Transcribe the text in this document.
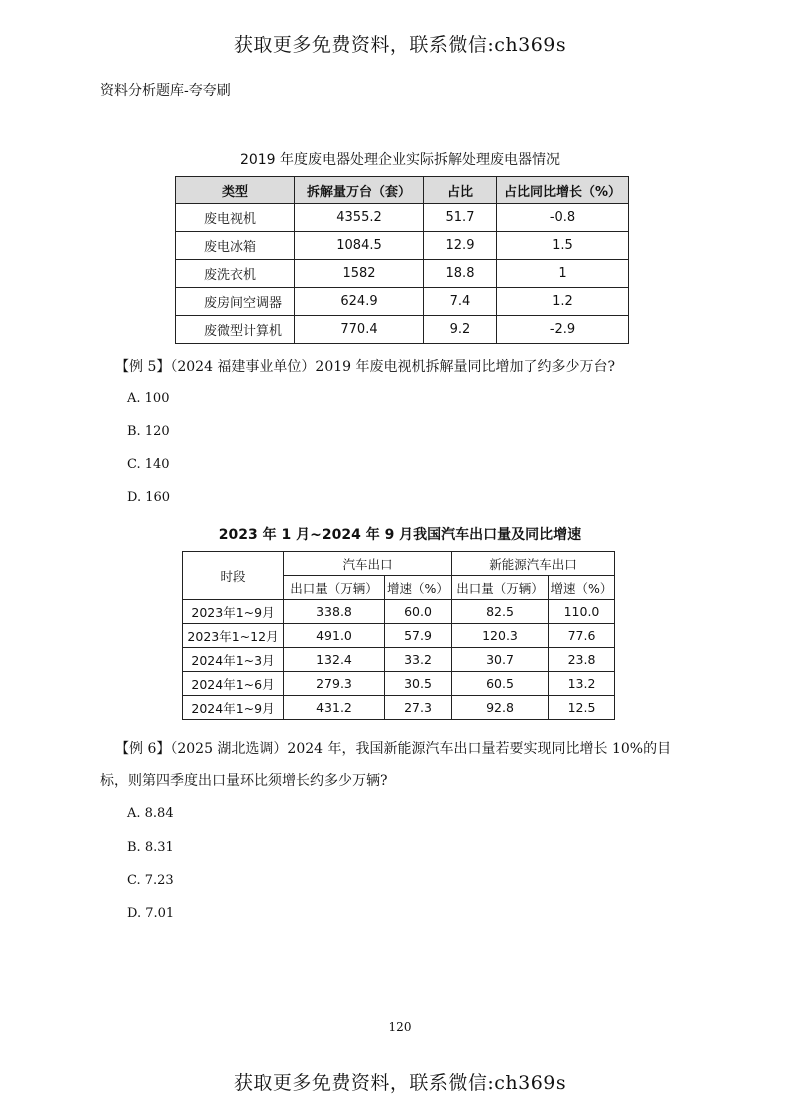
获取更多免费资料，联系微信:ch369s
资料分析题库-夸夸刷
2019 年度废电器处理企业实际拆解处理废电器情况
类型	拆解量万台（套）	占比	占比同比增长（%）
废电视机	4355.2	51.7	-0.8
废电冰箱	1084.5	12.9	1.5
废洗衣机	1582	18.8	1
废房间空调器	624.9	7.4	1.2
废微型计算机	770.4	9.2	-2.9
【例 5】（2024 福建事业单位）2019 年废电视机拆解量同比增加了约多少万台?
A. 100
B. 120
C. 140
D. 160
2023 年 1 月~2024 年 9 月我国汽车出口量及同比增速
时段	汽车出口		新能源汽车出口	
	出口量（万辆）	增速（%）	出口量（万辆）	增速（%）
2023年1~9月	338.8	60.0	82.5	110.0
2023年1~12月	491.0	57.9	120.3	77.6
2024年1~3月	132.4	33.2	30.7	23.8
2024年1~6月	279.3	30.5	60.5	13.2
2024年1~9月	431.2	27.3	92.8	12.5
【例 6】（2025 湖北选调）2024 年，我国新能源汽车出口量若要实现同比增长 10%的目
标，则第四季度出口量环比须增长约多少万辆?
A. 8.84
B. 8.31
C. 7.23
D. 7.01
120
获取更多免费资料，联系微信:ch369s
